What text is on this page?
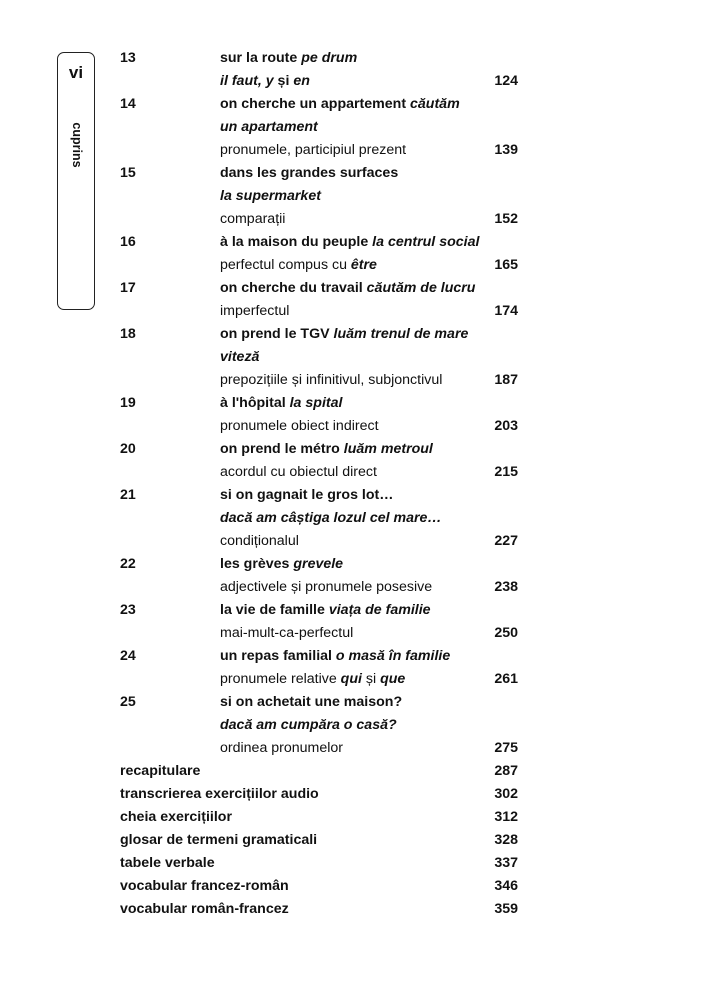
vi
cuprins
13	sur la route pe drum
il faut, y și en	124
14	on cherche un appartement căutăm
un apartament
pronumele, participiul prezent	139
15	dans les grandes surfaces
la supermarket
comparații	152
16	à la maison du peuple la centrul social
perfectul compus cu être	165
17	on cherche du travail căutăm de lucru
imperfectul	174
18	on prend le TGV luăm trenul de mare
viteză
prepozițiile și infinitivul, subjonctivul	187
19	à l'hôpital la spital
pronumele obiect indirect	203
20	on prend le métro luăm metroul
acordul cu obiectul direct	215
21	si on gagnait le gros lot…
dacă am câștiga lozul cel mare…
condiționalul	227
22	les grèves grevele
adjectivele și pronumele posesive	238
23	la vie de famille viața de familie
mai-mult-ca-perfectul	250
24	un repas familial o masă în familie
pronumele relative qui și que	261
25	si on achetait une maison?
dacă am cumpăra o casă?
ordinea pronumelor	275
recapitulare	287
transcrierea exercițiilor audio	302
cheia exercițiilor	312
glosar de termeni gramaticali	328
tabele verbale	337
vocabular francez-român	346
vocabular român-francez	359
